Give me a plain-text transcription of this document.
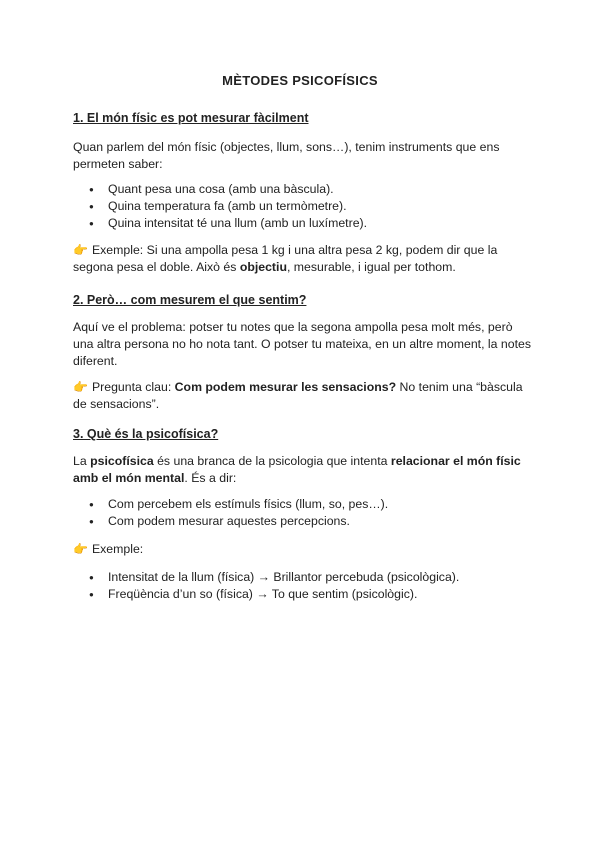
MÈTODES PSICOFÍSICS
1. El món físic es pot mesurar fàcilment

Quan parlem del món físic (objectes, llum, sons…), tenim instruments que ens permeten saber:

● Quant pesa una cosa (amb una bàscula).
● Quina temperatura fa (amb un termòmetre).
● Quina intensitat té una llum (amb un luxímetre).

👉 Exemple: Si una ampolla pesa 1 kg i una altra pesa 2 kg, podem dir que la segona pesa el doble. Això és objectiu, mesurable, i igual per tothom.

2. Però… com mesurem el que sentim?

Aquí ve el problema: potser tu notes que la segona ampolla pesa molt més, però una altra persona no ho nota tant. O potser tu mateixa, en un altre moment, la notes diferent.

👉 Pregunta clau: Com podem mesurar les sensacions? No tenim una “bàscula de sensacions”.

3. Què és la psicofísica?

La psicofísica és una branca de la psicologia que intenta relacionar el món físic amb el món mental. És a dir:

● Com percebem els estímuls físics (llum, so, pes…).
● Com podem mesurar aquestes percepcions.

👉 Exemple:

● Intensitat de la llum (física) → Brillantor percebuda (psicològica).
● Freqüència d’un so (física) → To que sentim (psicològic).
